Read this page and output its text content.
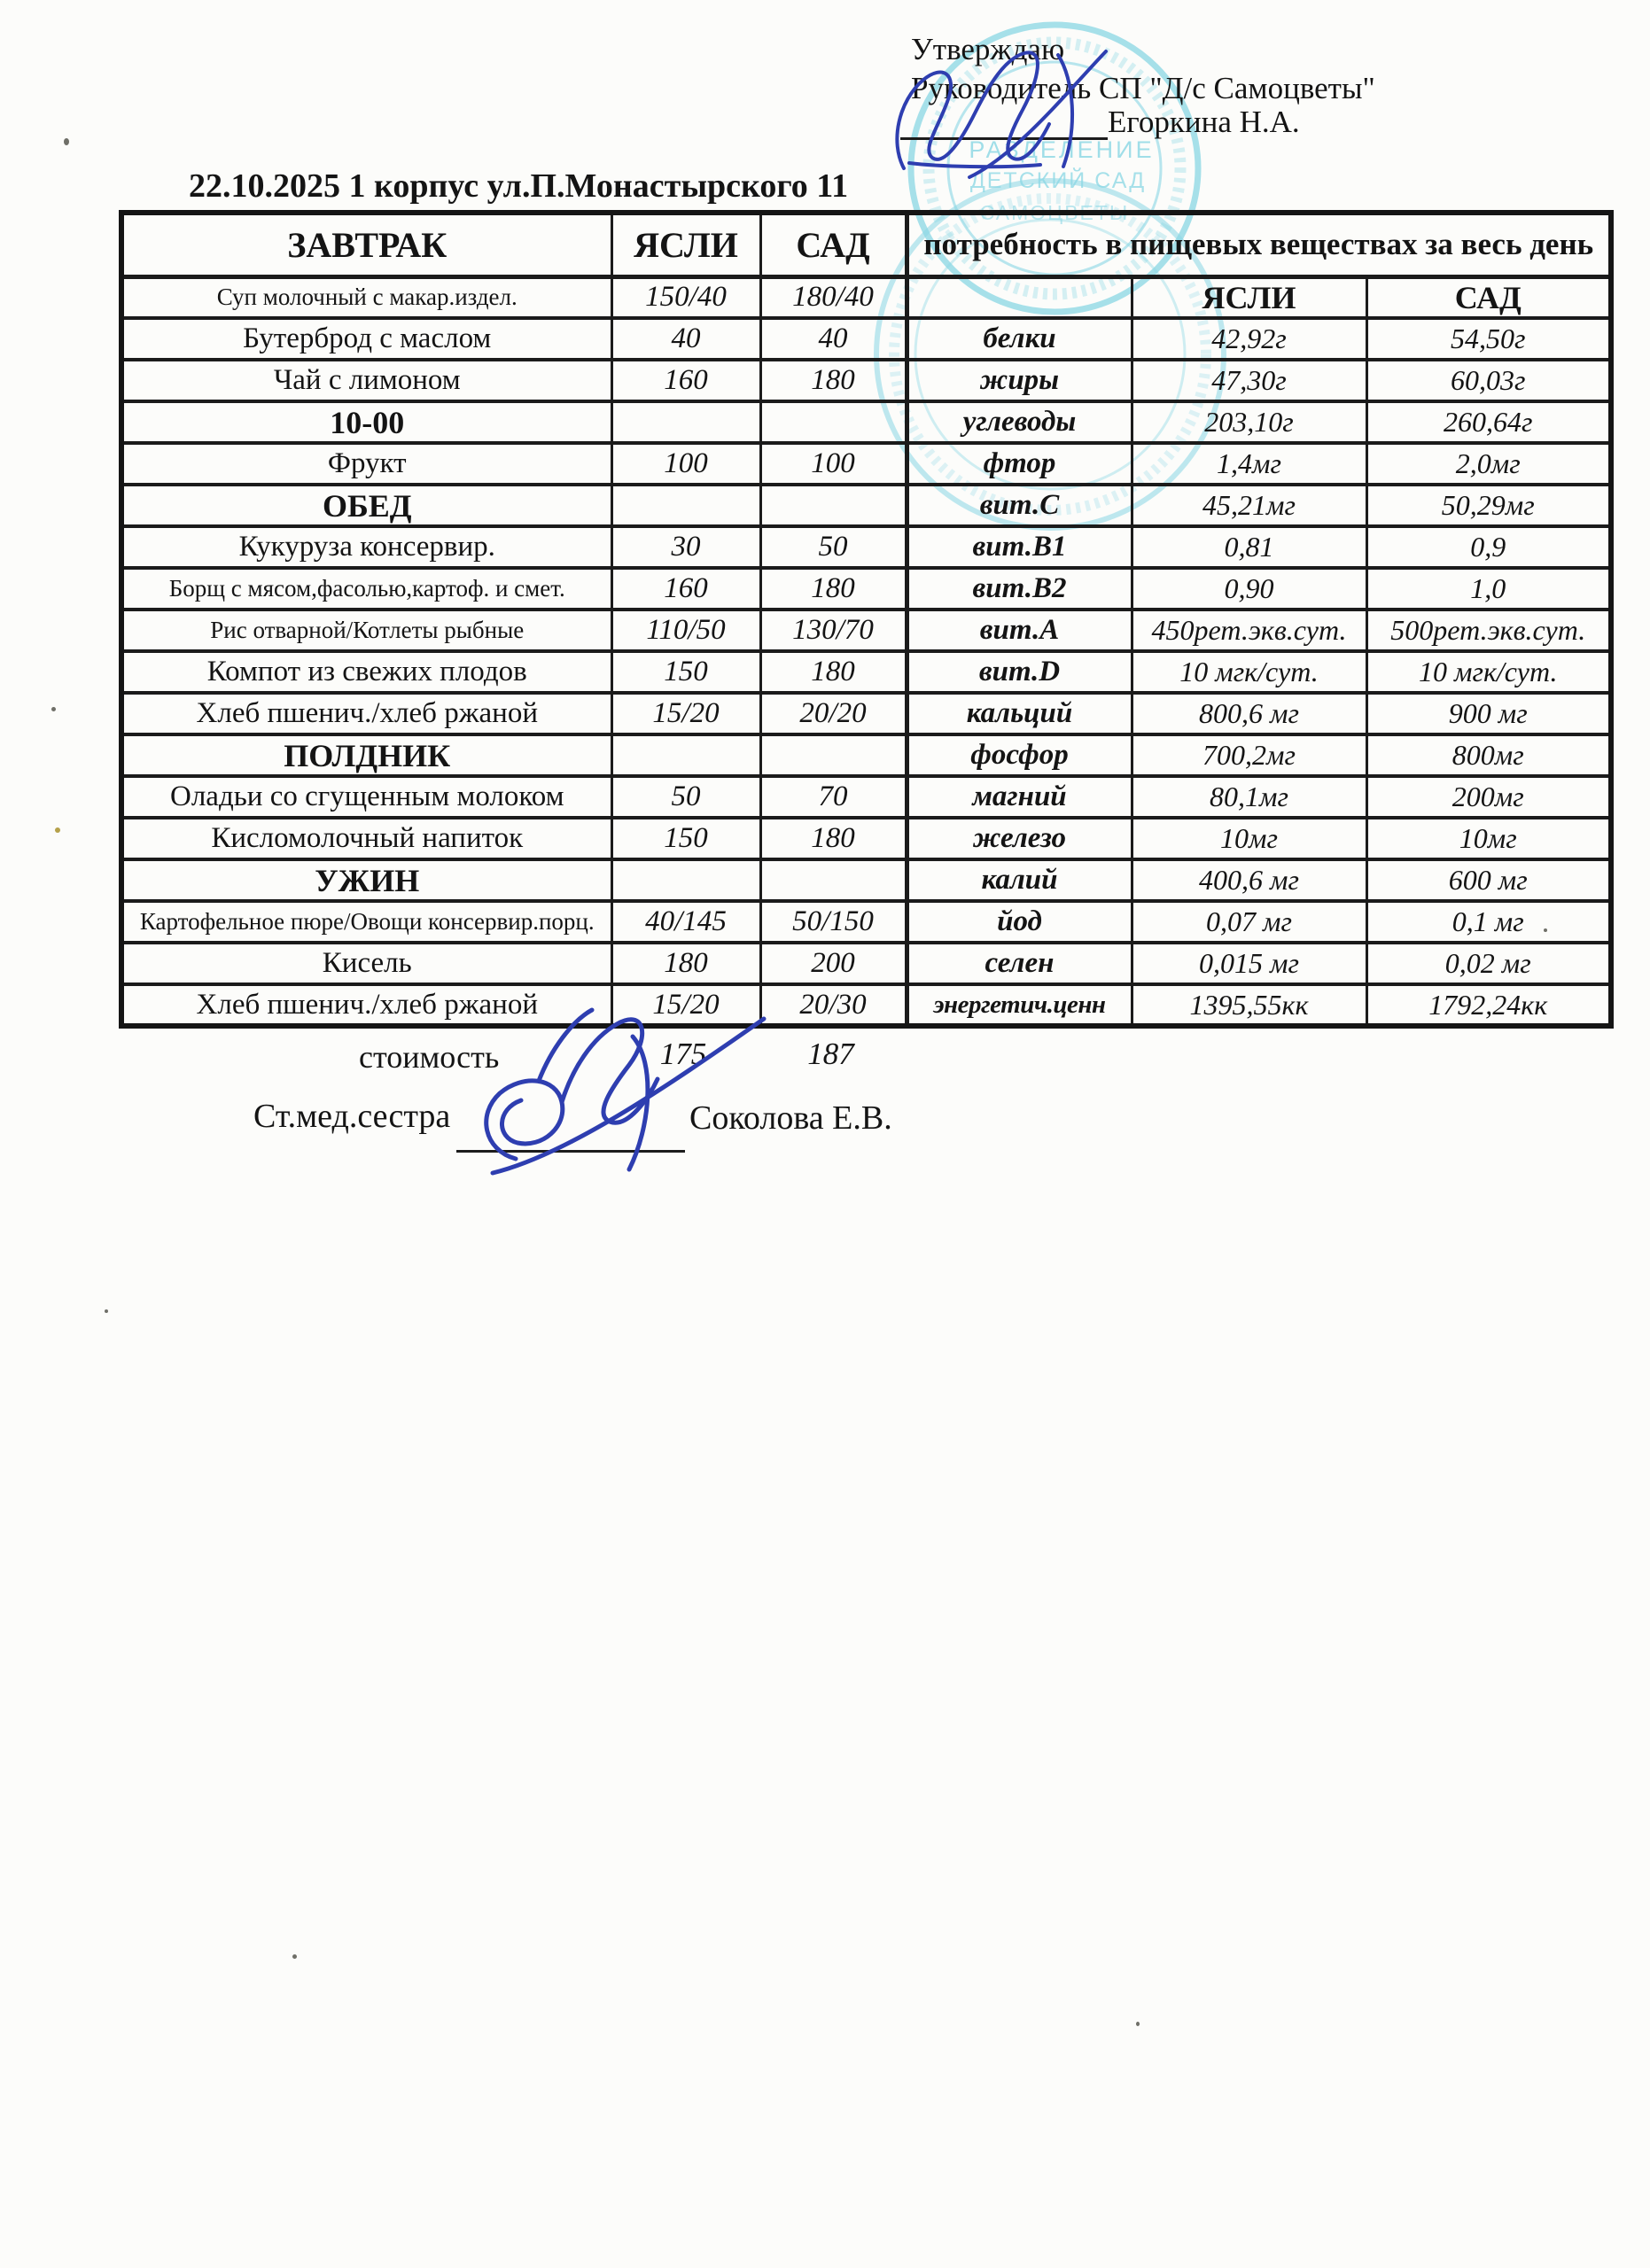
РАЗДЕЛЕНИЕ
ДЕТСКИЙ САД
САМОЦВЕТЫ
Утверждаю
Руководитель СП "Д/с Самоцветы"
Егоркина Н.А.
22.10.2025 1 корпус ул.П.Монастырского 11
ЗАВТРАК	ЯСЛИ	САД	потребность в пищевых веществах за весь день		
Суп молочный с макар.издел.	150/40	180/40		ЯСЛИ	САД
Бутерброд с маслом	40	40	белки	42,92г	54,50г
Чай с лимоном	160	180	жиры	47,30г	60,03г
10-00			углеводы	203,10г	260,64г
Фрукт	100	100	фтор	1,4мг	2,0мг
ОБЕД			вит.С	45,21мг	50,29мг
Кукуруза консервир.	30	50	вит.В1	0,81	0,9
Борщ с мясом,фасолью,картоф. и смет.	160	180	вит.В2	0,90	1,0
Рис отварной/Котлеты рыбные	110/50	130/70	вит.А	450рет.экв.сут.	500рет.экв.сут.
Компот из свежих плодов	150	180	вит.D	10 мгк/сут.	10 мгк/сут.
Хлеб пшенич./хлеб ржаной	15/20	20/20	кальций	800,6 мг	900 мг
ПОЛДНИК			фосфор	700,2мг	800мг
Оладьи со сгущенным молоком	50	70	магний	80,1мг	200мг
Кисломолочный напиток	150	180	железо	10мг	10мг
УЖИН			калий	400,6 мг	600 мг
Картофельное пюре/Овощи консервир.порц.	40/145	50/150	йод	0,07 мг	0,1 мг
Кисель	180	200	селен	0,015 мг	0,02 мг
Хлеб пшенич./хлеб ржаной	15/20	20/30	энергетич.ценн	1395,55кк	1792,24кк
стоимость	175	187
Ст.мед.сестра	Соколова Е.В.
